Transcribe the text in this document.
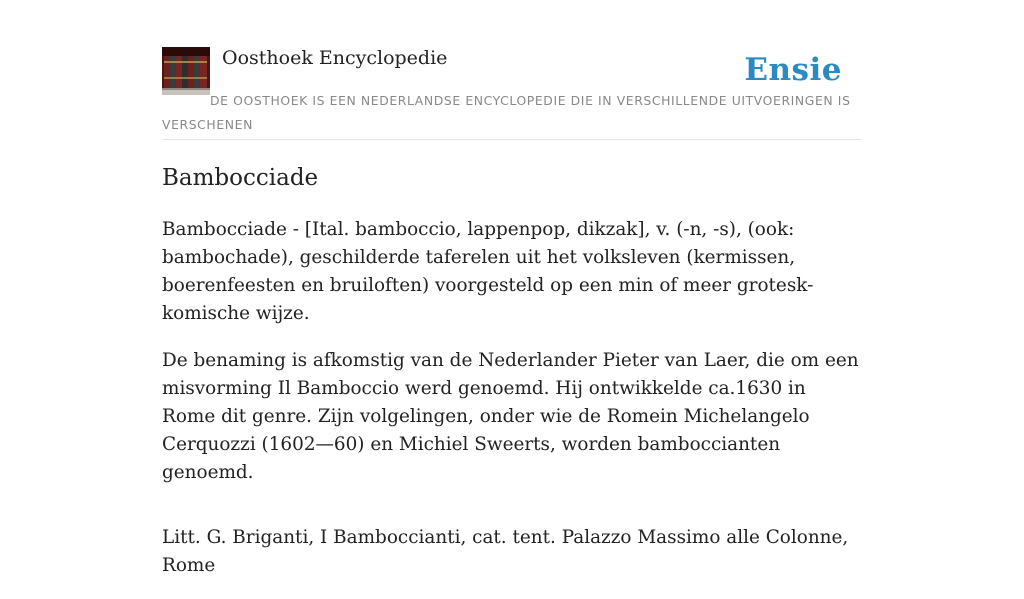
Oosthoek Encyclopedie	Ensie
DE OOSTHOEK IS EEN NEDERLANDSE ENCYCLOPEDIE DIE IN VERSCHILLENDE UITVOERINGEN IS VERSCHENEN
Bambocciade

Bambocciade - [Ital. bamboccio, lappenpop, dikzak], v. (-n, -s), (ook: bambochade), geschilderde taferelen uit het volksleven (kermissen, boerenfeesten en bruiloften) voorgesteld op een min of meer grotesk-komische wijze.

De benaming is afkomstig van de Nederlander Pieter van Laer, die om een misvorming Il Bamboccio werd genoemd. Hij ontwikkelde ca.1630 in Rome dit genre. Zijn volgelingen, onder wie de Romein Michelangelo Cerquozzi (1602—60) en Michiel Sweerts, worden bamboccianten genoemd.

Litt. G. Briganti, I Bamboccianti, cat. tent. Palazzo Massimo alle Colonne, Rome
